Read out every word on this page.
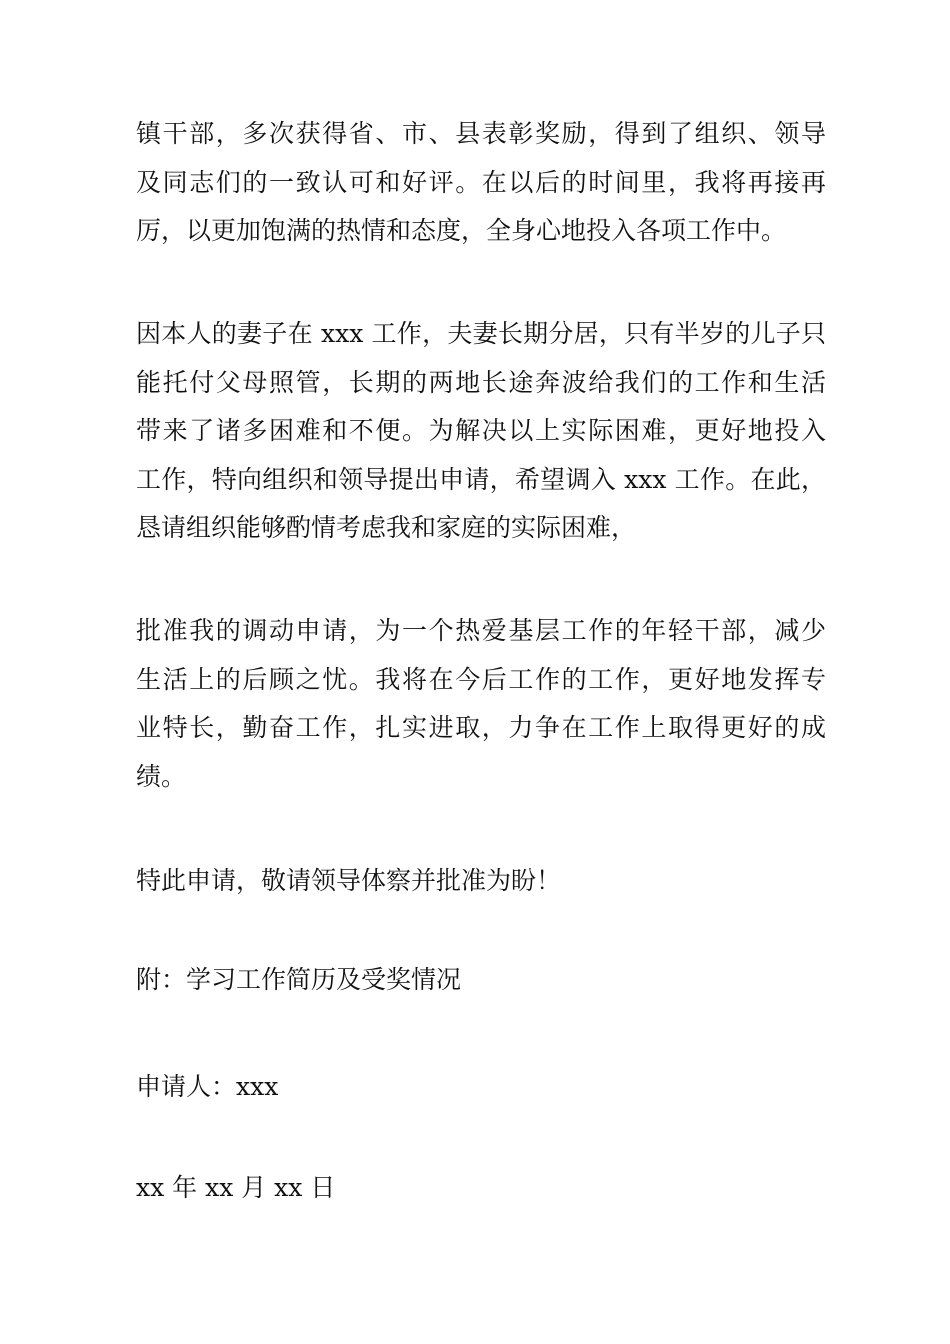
镇干部，多次获得省、市、县表彰奖励，得到了组织、领导
及同志们的一致认可和好评。在以后的时间里，我将再接再
厉，以更加饱满的热情和态度，全身心地投入各项工作中。
因本人的妻子在 xxx 工作，夫妻长期分居，只有半岁的儿子只
能托付父母照管，长期的两地长途奔波给我们的工作和生活
带来了诸多困难和不便。为解决以上实际困难，更好地投入
工作，特向组织和领导提出申请，希望调入 xxx 工作。在此，
恳请组织能够酌情考虑我和家庭的实际困难，
批准我的调动申请，为一个热爱基层工作的年轻干部，减少
生活上的后顾之忧。我将在今后工作的工作，更好地发挥专
业特长，勤奋工作，扎实进取，力争在工作上取得更好的成
绩。
特此申请，敬请领导体察并批准为盼！
附：学习工作简历及受奖情况
申请人：xxx
xx 年 xx 月 xx 日
